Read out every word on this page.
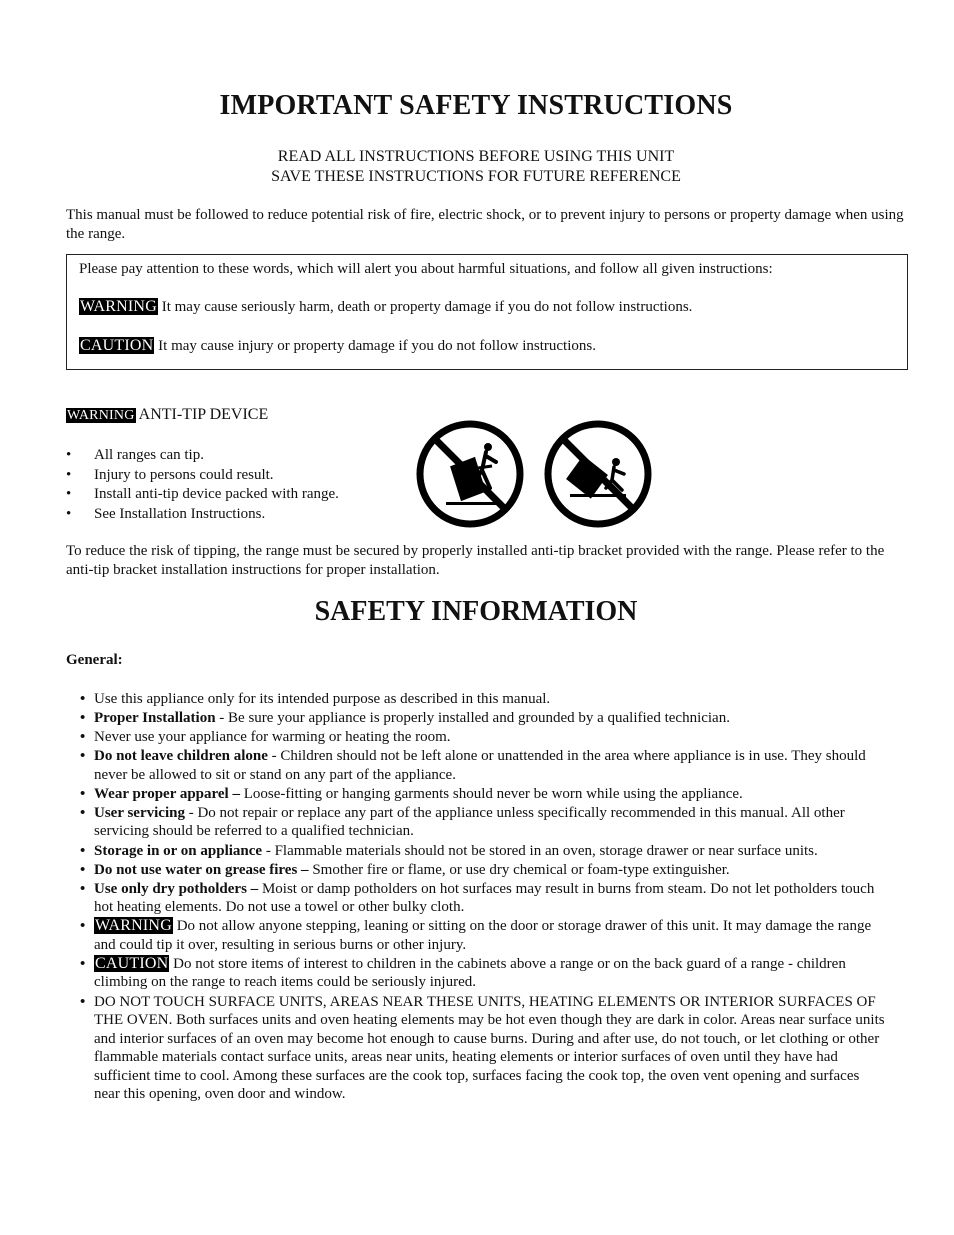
IMPORTANT SAFETY INSTRUCTIONS

READ ALL INSTRUCTIONS BEFORE USING THIS UNIT

SAVE THESE INSTRUCTIONS FOR FUTURE REFERENCE

This manual must be followed to reduce potential risk of fire, electric shock, or to prevent injury to persons or property damage when using the range.

Please pay attention to these words, which will alert you about harmful situations, and follow all given instructions:

WARNING It may cause seriously harm, death or property damage if you do not follow instructions.

CAUTION It may cause injury or property damage if you do not follow instructions.

WARNING ANTI-TIP DEVICE

• All ranges can tip.
• Injury to persons could result.
• Install anti-tip device packed with range.
• See Installation Instructions.

To reduce the risk of tipping, the range must be secured by properly installed anti-tip bracket provided with the range. Please refer to the anti-tip bracket installation instructions for proper installation.

SAFETY INFORMATION

General:

• Use this appliance only for its intended purpose as described in this manual.
• Proper Installation - Be sure your appliance is properly installed and grounded by a qualified technician.
• Never use your appliance for warming or heating the room.
• Do not leave children alone - Children should not be left alone or unattended in the area where appliance is in use. They should never be allowed to sit or stand on any part of the appliance.
• Wear proper apparel – Loose-fitting or hanging garments should never be worn while using the appliance.
• User servicing - Do not repair or replace any part of the appliance unless specifically recommended in this manual. All other servicing should be referred to a qualified technician.
• Storage in or on appliance - Flammable materials should not be stored in an oven, storage drawer or near surface units.
• Do not use water on grease fires – Smother fire or flame, or use dry chemical or foam-type extinguisher.
• Use only dry potholders – Moist or damp potholders on hot surfaces may result in burns from steam. Do not let potholders touch hot heating elements. Do not use a towel or other bulky cloth.
• WARNING Do not allow anyone stepping, leaning or sitting on the door or storage drawer of this unit. It may damage the range and could tip it over, resulting in serious burns or other injury.
• CAUTION Do not store items of interest to children in the cabinets above a range or on the back guard of a range - children climbing on the range to reach items could be seriously injured.
• DO NOT TOUCH SURFACE UNITS, AREAS NEAR THESE UNITS, HEATING ELEMENTS OR INTERIOR SURFACES OF THE OVEN. Both surfaces units and oven heating elements may be hot even though they are dark in color. Areas near surface units and interior surfaces of an oven may become hot enough to cause burns. During and after use, do not touch, or let clothing or other flammable materials contact surface units, areas near units, heating elements or interior surfaces of oven until they have had sufficient time to cool. Among these surfaces are the cook top, surfaces facing the cook top, the oven vent opening and surfaces near this opening, oven door and window.
